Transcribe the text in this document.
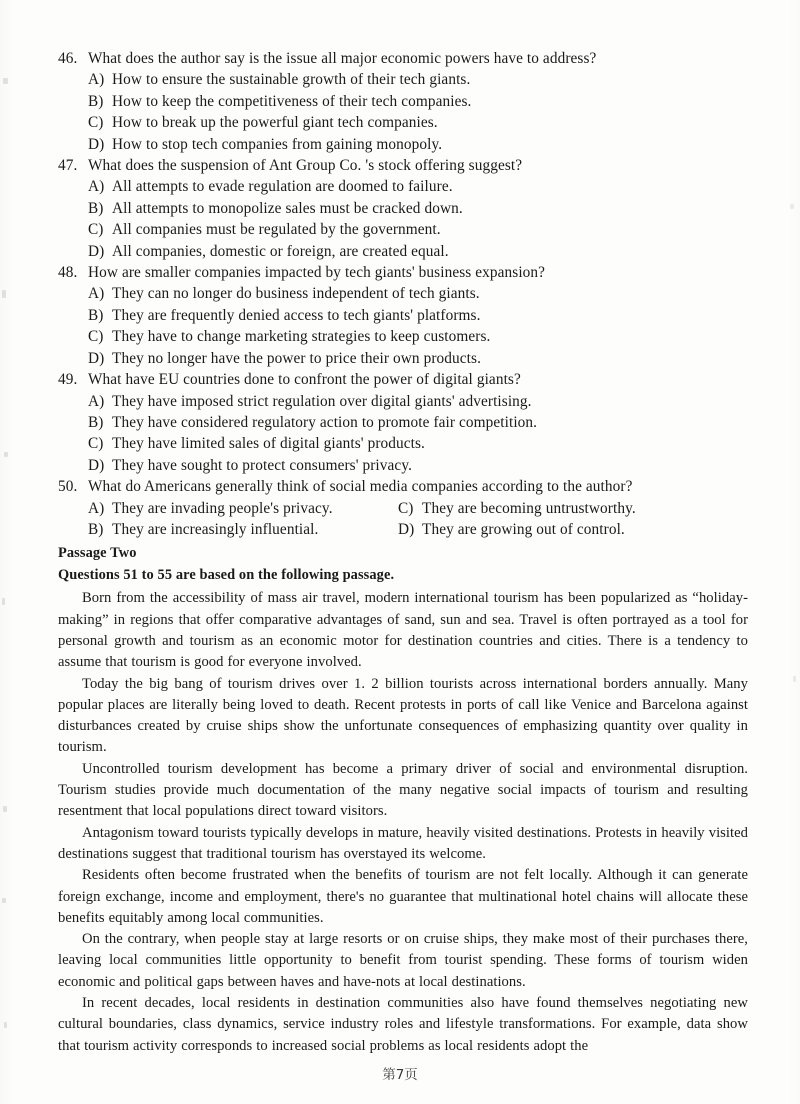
46. What does the author say is the issue all major economic powers have to address?
A) How to ensure the sustainable growth of their tech giants.
B) How to keep the competitiveness of their tech companies.
C) How to break up the powerful giant tech companies.
D) How to stop tech companies from gaining monopoly.
47. What does the suspension of Ant Group Co. 's stock offering suggest?
A) All attempts to evade regulation are doomed to failure.
B) All attempts to monopolize sales must be cracked down.
C) All companies must be regulated by the government.
D) All companies, domestic or foreign, are created equal.
48. How are smaller companies impacted by tech giants' business expansion?
A) They can no longer do business independent of tech giants.
B) They are frequently denied access to tech giants' platforms.
C) They have to change marketing strategies to keep customers.
D) They no longer have the power to price their own products.
49. What have EU countries done to confront the power of digital giants?
A) They have imposed strict regulation over digital giants' advertising.
B) They have considered regulatory action to promote fair competition.
C) They have limited sales of digital giants' products.
D) They have sought to protect consumers' privacy.
50. What do Americans generally think of social media companies according to the author?
A) They are invading people's privacy.	C) They are becoming untrustworthy.
B) They are increasingly influential.	D) They are growing out of control.
Passage Two
Questions 51 to 55 are based on the following passage.

Born from the accessibility of mass air travel, modern international tourism has been popularized as “holiday-making” in regions that offer comparative advantages of sand, sun and sea. Travel is often portrayed as a tool for personal growth and tourism as an economic motor for destination countries and cities. There is a tendency to assume that tourism is good for everyone involved.

Today the big bang of tourism drives over 1. 2 billion tourists across international borders annually. Many popular places are literally being loved to death. Recent protests in ports of call like Venice and Barcelona against disturbances created by cruise ships show the unfortunate consequences of emphasizing quantity over quality in tourism.

Uncontrolled tourism development has become a primary driver of social and environmental disruption. Tourism studies provide much documentation of the many negative social impacts of tourism and resulting resentment that local populations direct toward visitors.

Antagonism toward tourists typically develops in mature, heavily visited destinations. Protests in heavily visited destinations suggest that traditional tourism has overstayed its welcome.

Residents often become frustrated when the benefits of tourism are not felt locally. Although it can generate foreign exchange, income and employment, there's no guarantee that multinational hotel chains will allocate these benefits equitably among local communities.

On the contrary, when people stay at large resorts or on cruise ships, they make most of their purchases there, leaving local communities little opportunity to benefit from tourist spending. These forms of tourism widen economic and political gaps between haves and have-nots at local destinations.

In recent decades, local residents in destination communities also have found themselves negotiating new cultural boundaries, class dynamics, service industry roles and lifestyle transformations. For example, data show that tourism activity corresponds to increased social problems as local residents adopt the

第7页
